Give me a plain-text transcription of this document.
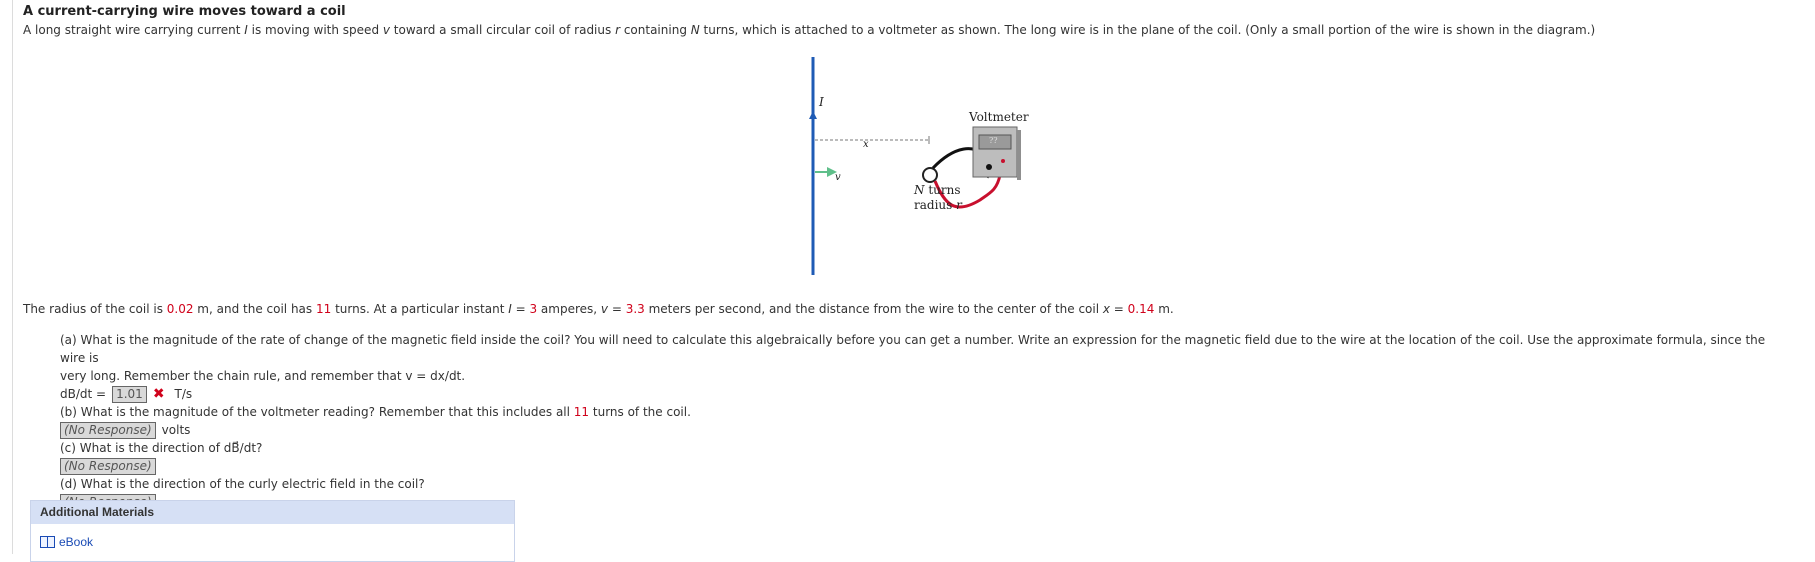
A current-carrying wire moves toward a coil
A long straight wire carrying current I is moving with speed v toward a small circular coil of radius r containing N turns, which is attached to a voltmeter as shown. The long wire is in the plane of the coil. (Only a small portion of the wire is shown in the diagram.)
I
x
v
Voltmeter
??
N turns
radius r
The radius of the coil is 0.02 m, and the coil has 11 turns. At a particular instant I = 3 amperes, v = 3.3 meters per second, and the distance from the wire to the center of the coil x = 0.14 m.

(a) What is the magnitude of the rate of change of the magnetic field inside the coil? You will need to calculate this algebraically before you can get a number. Write an expression for the magnetic field due to the wire at the location of the coil. Use the approximate formula, since the wire is

very long. Remember the chain rule, and remember that v = dx/dt.

dB/dt = 1.01 ✖ T/s

(b) What is the magnitude of the voltmeter reading? Remember that this includes all 11 turns of the coil.

(No Response) volts

(c) What is the direction of dB⃗/dt?

(No Response)

(d) What is the direction of the curly electric field in the coil?

Additional Materials
eBook
